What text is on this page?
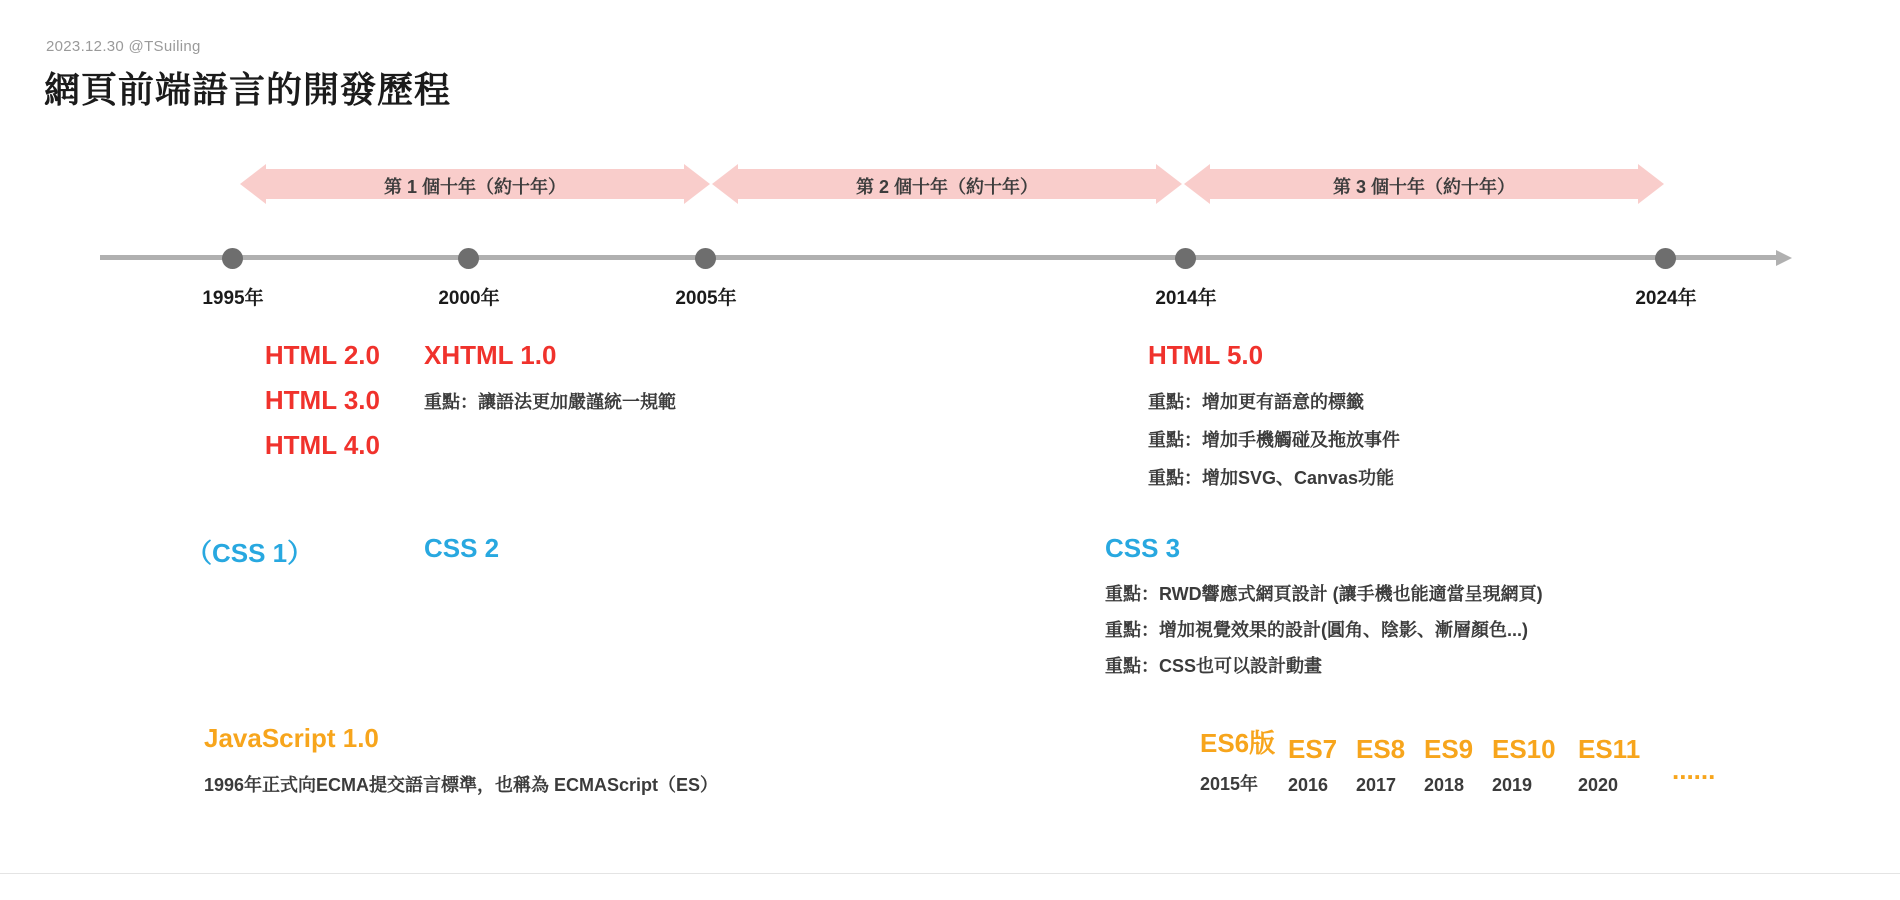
2023.12.30 @TSuiling
網頁前端語言的開發歷程
第 1 個十年（約十年）	第 2 個十年（約十年）	第 3 個十年（約十年）
1995年	2000年	2005年	2014年	2024年
HTML 2.0
HTML 3.0
HTML 4.0
XHTML 1.0
重點：讓語法更加嚴謹統一規範
HTML 5.0
重點：增加更有語意的標籤
重點：增加手機觸碰及拖放事件
重點：增加SVG、Canvas功能
（CSS 1）	CSS 2	CSS 3
重點：RWD響應式網頁設計 (讓手機也能適當呈現網頁)
重點：增加視覺效果的設計(圓角、陰影、漸層顏色...)
重點：CSS也可以設計動畫
JavaScript 1.0
1996年正式向ECMA提交語言標準，也稱為 ECMAScript（ES）
ES6版
2015年
ES7
2016
ES8
2017
ES9
2018
ES10
2019
ES11
2020 ......
